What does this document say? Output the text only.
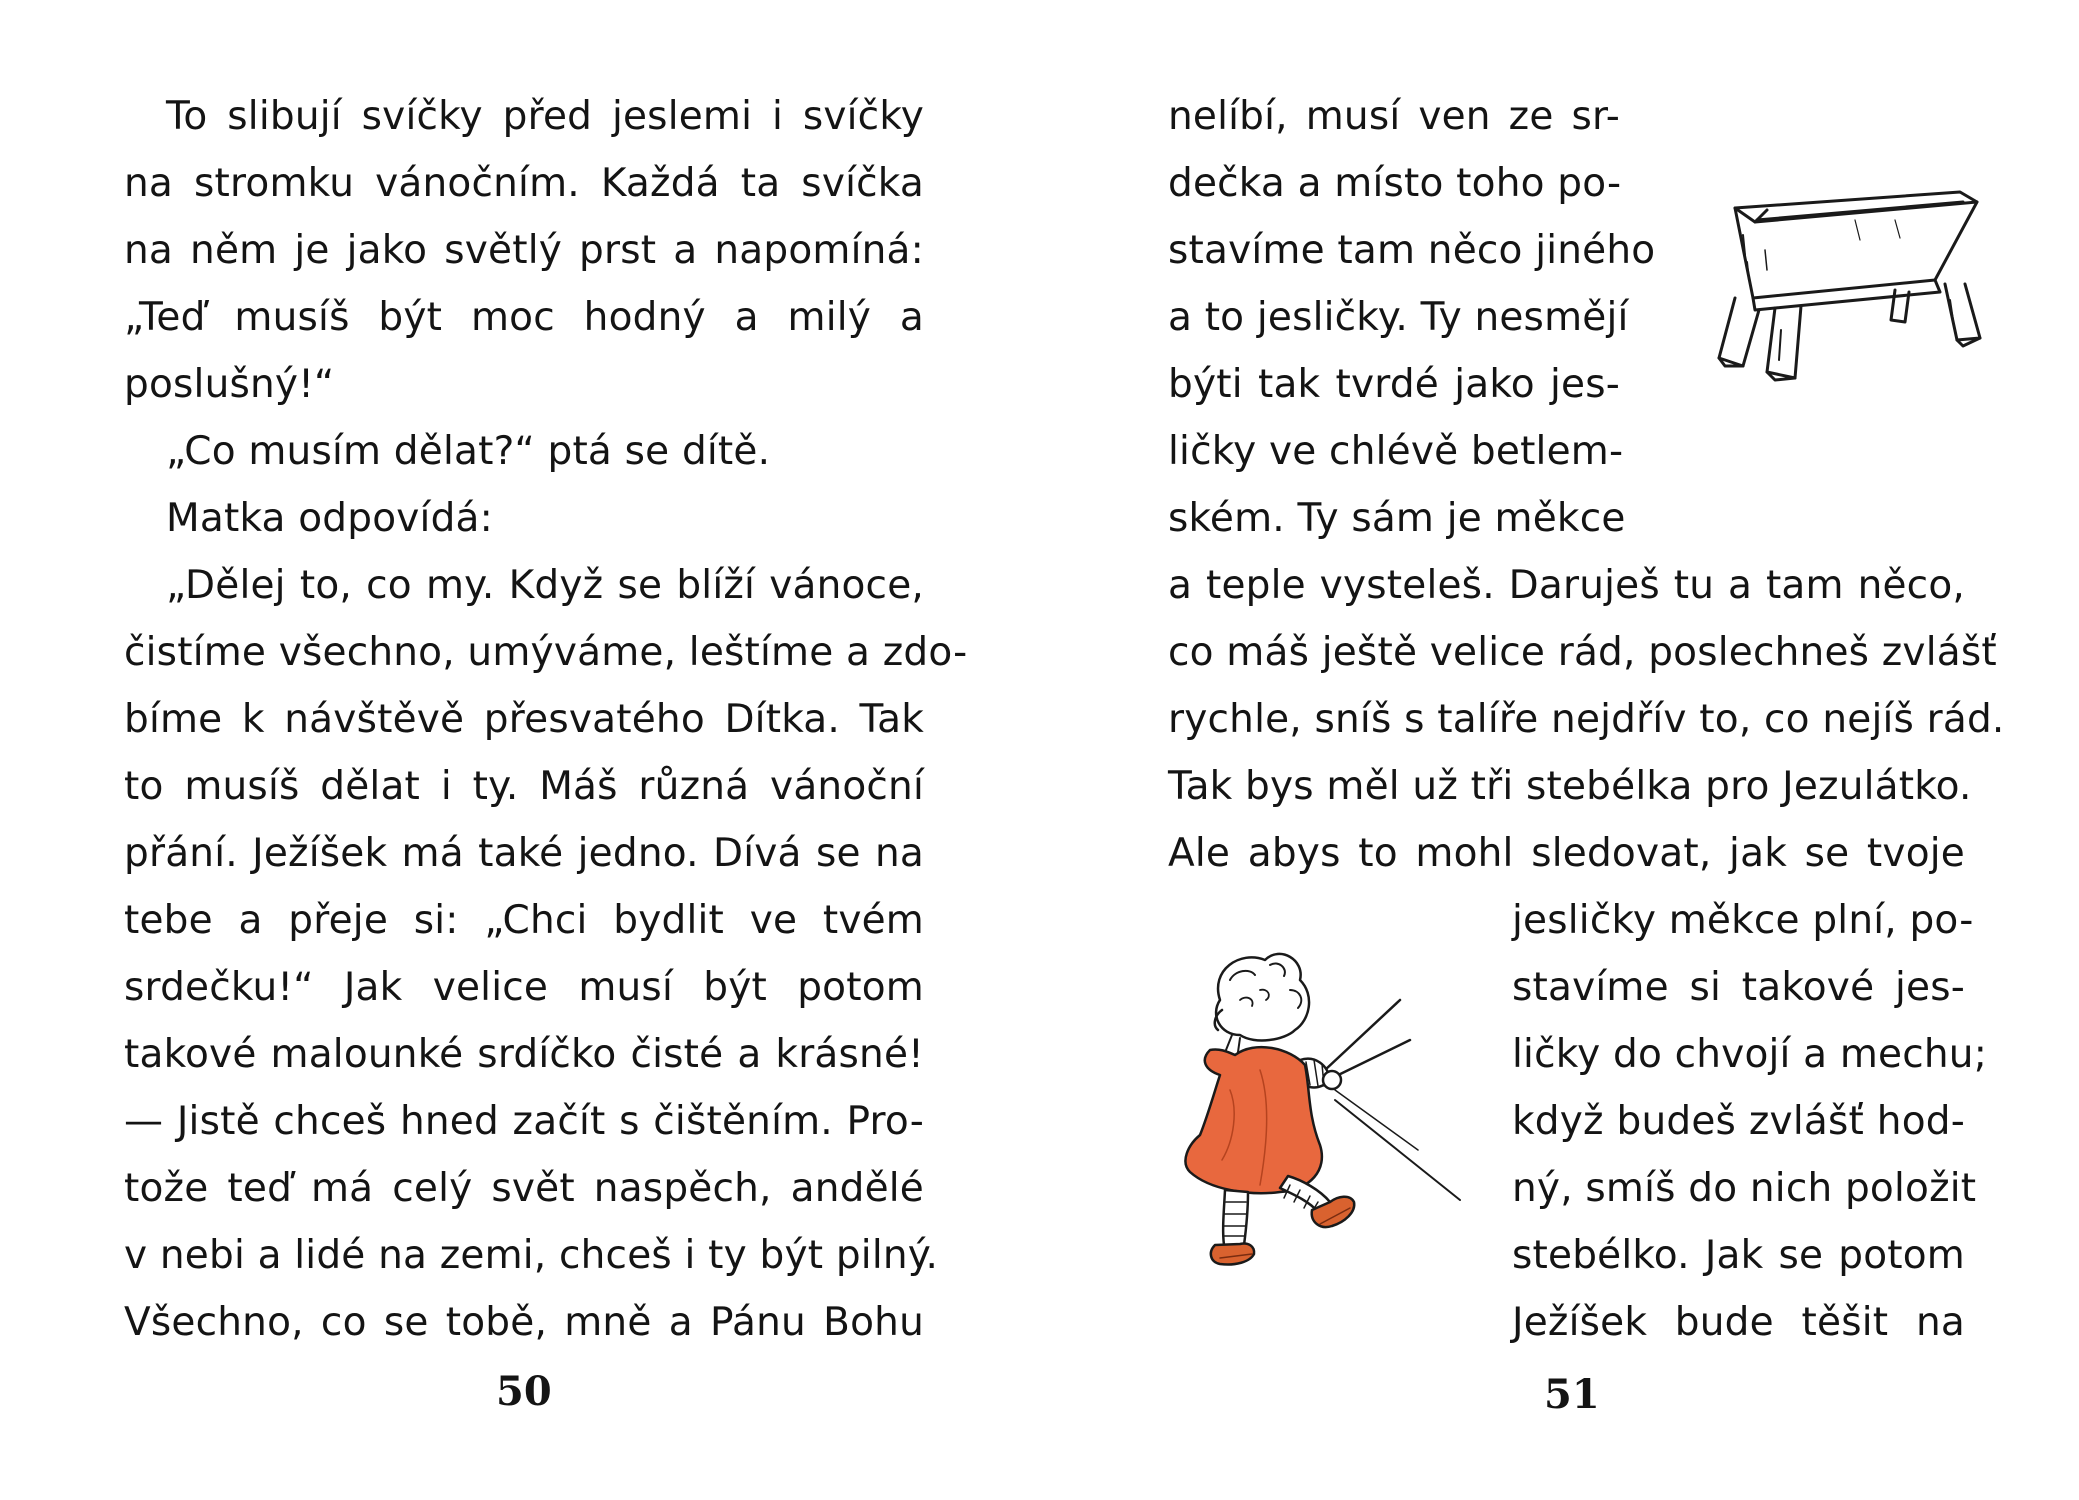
To slibují svíčky před jeslemi i svíčky

na stromku vánočním. Každá ta svíčka

na něm je jako světlý prst a napomíná:

„Teď musíš být moc hodný a milý a

poslušný!“

„Co musím dělat?“ ptá se dítě.

Matka odpovídá:

„Dělej to, co my. Když se blíží vánoce,

čistíme všechno, umýváme, leštíme a zdo-

bíme k návštěvě přesvatého Dítka. Tak

to musíš dělat i ty. Máš různá vánoční

přání. Ježíšek má také jedno. Dívá se na

tebe a přeje si: „Chci bydlit ve tvém

srdečku!“ Jak velice musí být potom

takové malounké srdíčko čisté a krásné!

— Jistě chceš hned začít s čištěním. Pro-

tože teď má celý svět naspěch, andělé

v nebi a lidé na zemi, chceš i ty být pilný.

Všechno, co se tobě, mně a Pánu Bohu

50

nelíbí, musí ven ze sr-

dečka a místo toho po-

stavíme tam něco jiného

a to jesličky. Ty nesmějí

býti tak tvrdé jako jes-

ličky ve chlévě betlem-

ském. Ty sám je měkce

a teple vysteleš. Daruješ tu a tam něco,

co máš ještě velice rád, poslechneš zvlášť

rychle, sníš s talíře nejdřív to, co nejíš rád.

Tak bys měl už tři stebélka pro Jezulátko.

Ale abys to mohl sledovat, jak se tvoje

jesličky měkce plní, po-

stavíme si takové jes-

ličky do chvojí a mechu;

když budeš zvlášť hod-

ný, smíš do nich položit

stebélko. Jak se potom

Ježíšek bude těšit na

51
